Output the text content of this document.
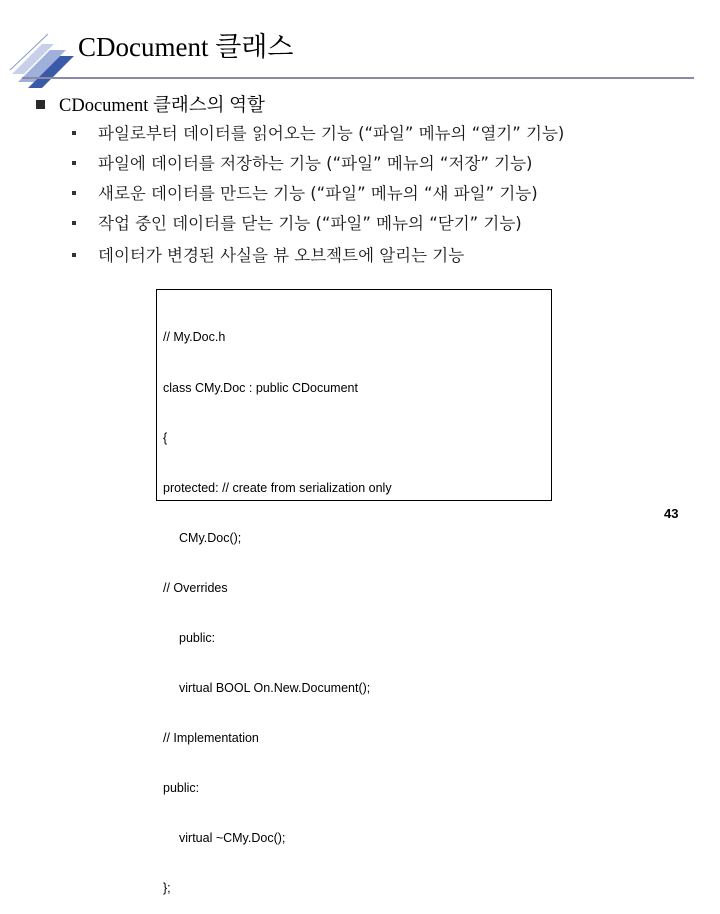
CDocument 클래스
CDocument 클래스의 역할
파일로부터 데이터를 읽어오는 기능 (“파일” 메뉴의 “열기” 기능)
파일에 데이터를 저장하는 기능 (“파일” 메뉴의 “저장” 기능)
새로운 데이터를 만드는 기능 (“파일” 메뉴의 “새 파일” 기능)
작업 중인 데이터를 닫는 기능 (“파일” 메뉴의 “닫기” 기능)
데이터가 변경된 사실을 뷰 오브젝트에 알리는 기능

// My.Doc.h

class CMy.Doc : public CDocument

{

protected: // create from serialization only

CMy.Doc();

// Overrides

public:

virtual BOOL On.New.Document();

// Implementation

public:

virtual ~CMy.Doc();

};

43
